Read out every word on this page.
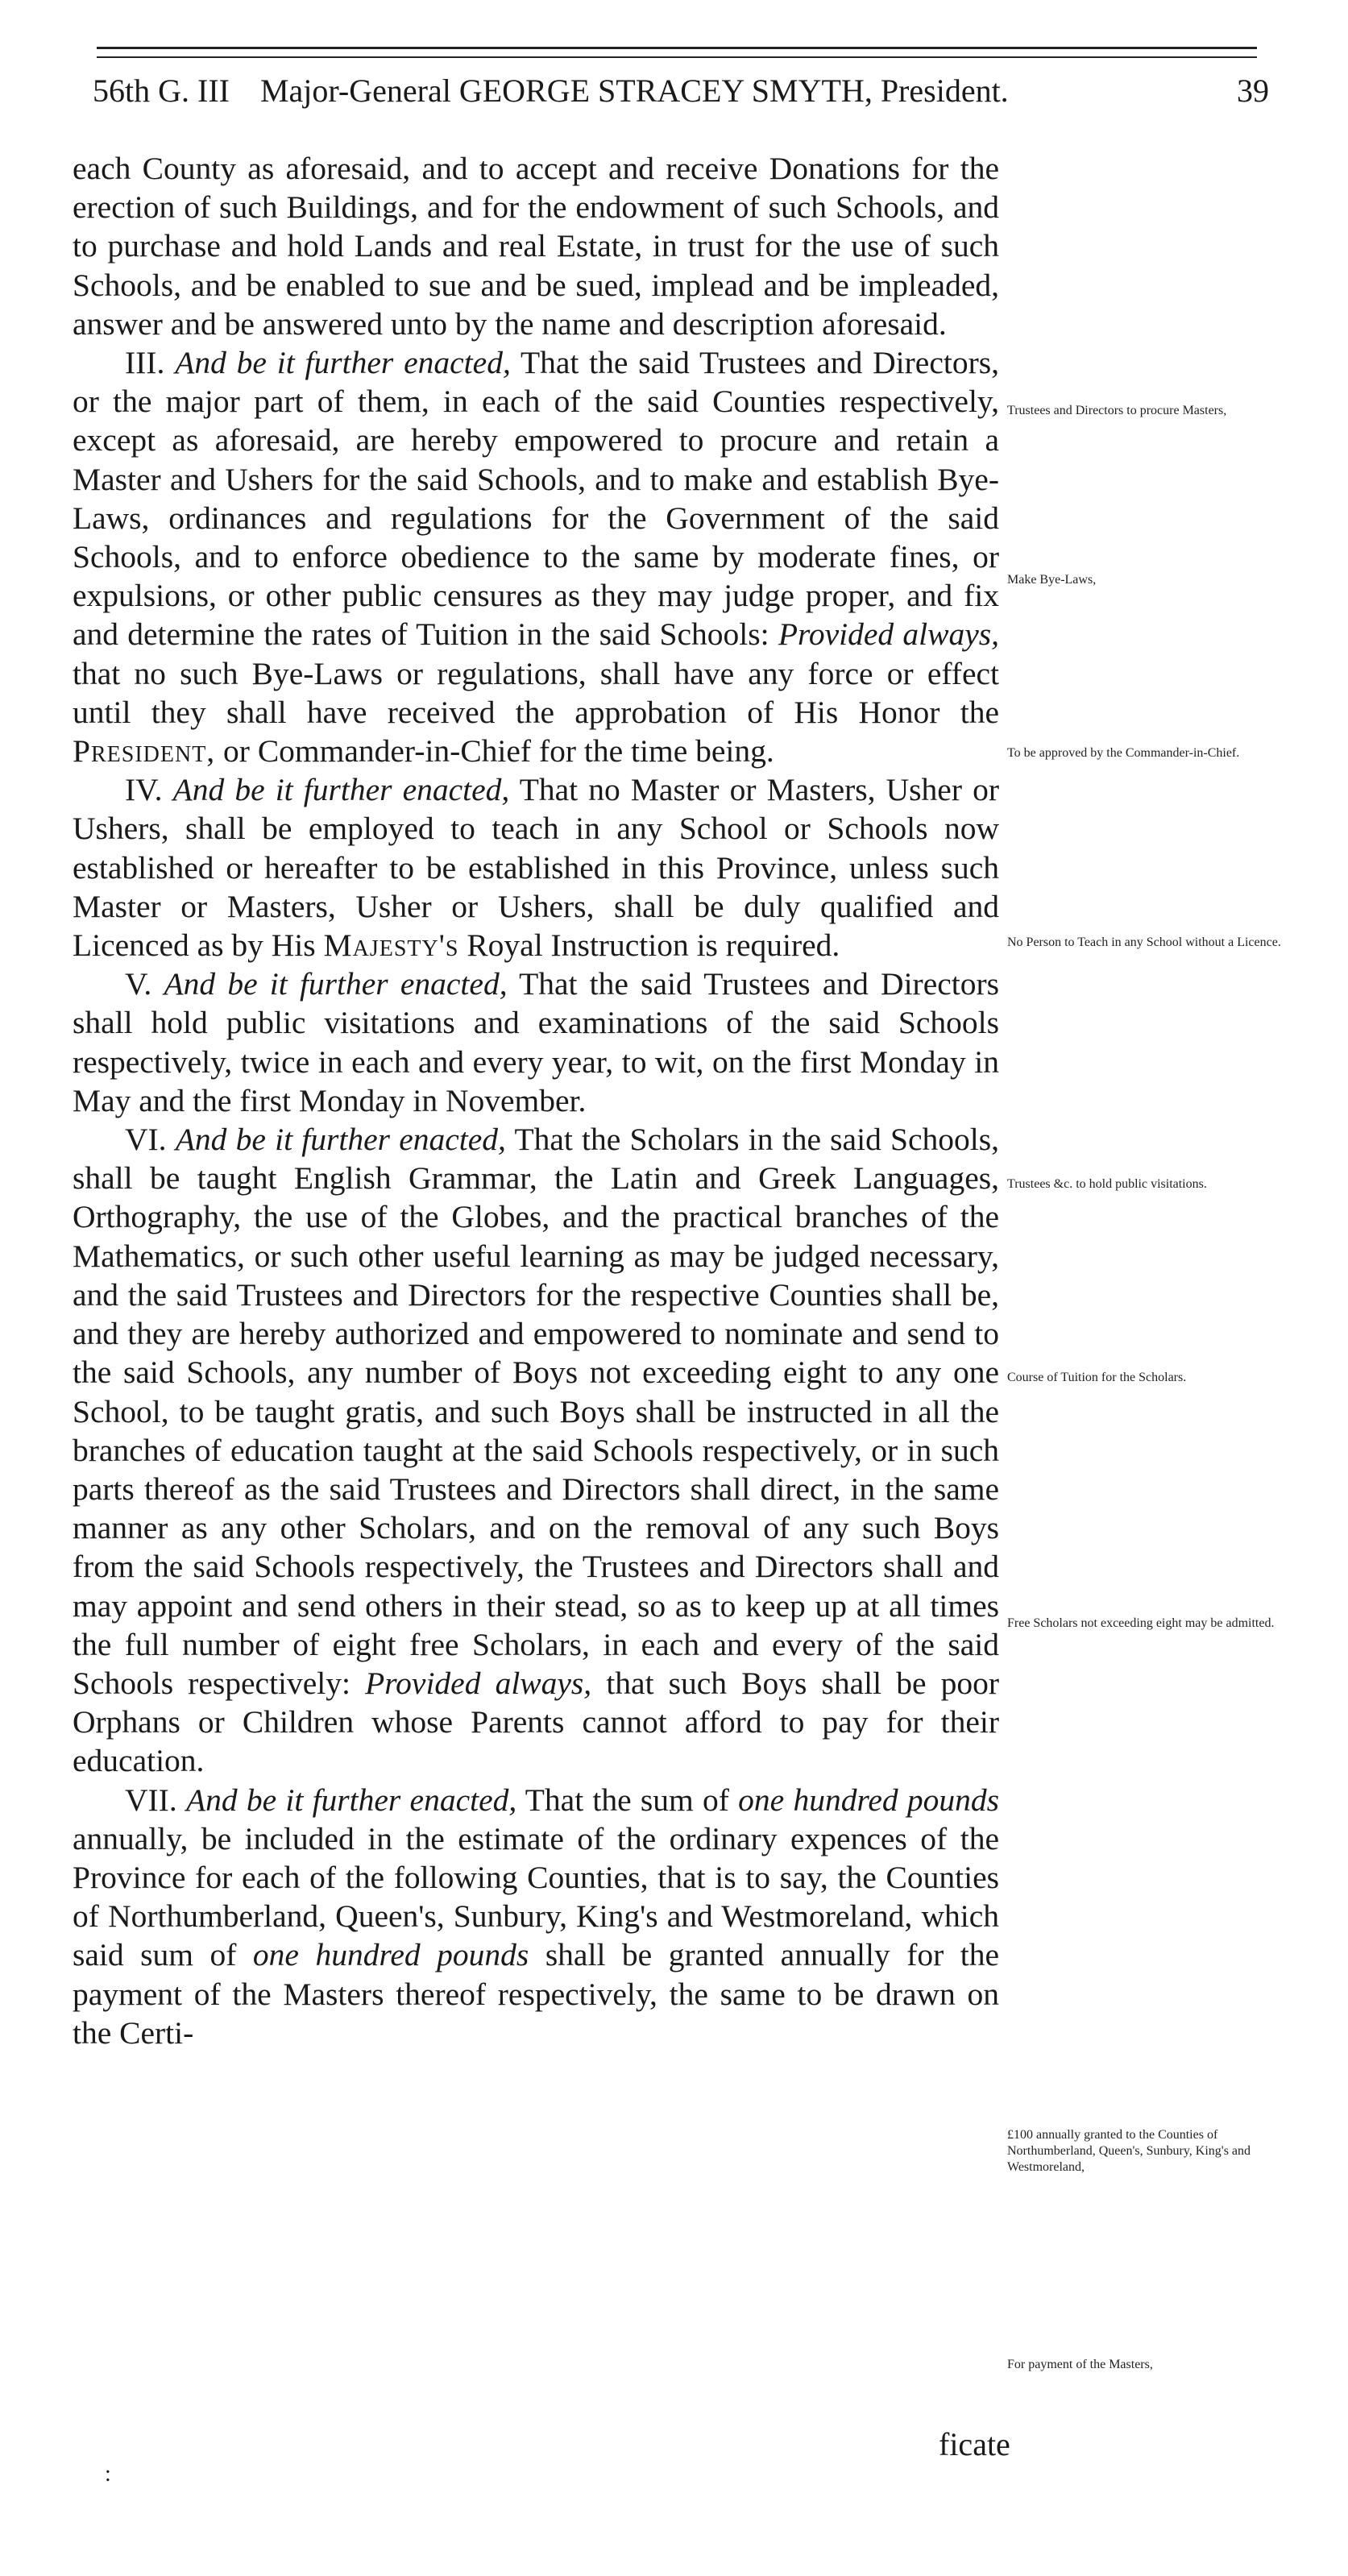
56th G. III Major-General GEORGE STRACEY SMYTH, President.	39

each County as aforesaid, and to accept and receive Donations for the erection of such Buildings, and for the endowment of such Schools, and to purchase and hold Lands and real Estate, in trust for the use of such Schools, and be enabled to sue and be sued, implead and be impleaded, answer and be answered unto by the name and description aforesaid.

III. And be it further enacted, That the said Trustees and Directors, or the major part of them, in each of the said Counties respectively, except as aforesaid, are hereby empowered to procure and retain a Master and Ushers for the said Schools, and to make and establish Bye-Laws, ordinances and regulations for the Government of the said Schools, and to enforce obedience to the same by moderate fines, or expulsions, or other public censures as they may judge proper, and fix and determine the rates of Tuition in the said Schools: Provided always, that no such Bye-Laws or regulations, shall have any force or effect until they shall have received the approbation of His Honor the President, or Commander-in-Chief for the time being.

IV. And be it further enacted, That no Master or Masters, Usher or Ushers, shall be employed to teach in any School or Schools now established or hereafter to be established in this Province, unless such Master or Masters, Usher or Ushers, shall be duly qualified and Licenced as by His Majesty's Royal Instruction is required.

V. And be it further enacted, That the said Trustees and Directors shall hold public visitations and examinations of the said Schools respectively, twice in each and every year, to wit, on the first Monday in May and the first Monday in November.

VI. And be it further enacted, That the Scholars in the said Schools, shall be taught English Grammar, the Latin and Greek Languages, Orthography, the use of the Globes, and the practical branches of the Mathematics, or such other useful learning as may be judged necessary, and the said Trustees and Directors for the respective Counties shall be, and they are hereby authorized and empowered to nominate and send to the said Schools, any number of Boys not exceeding eight to any one School, to be taught gratis, and such Boys shall be instructed in all the branches of education taught at the said Schools respectively, or in such parts thereof as the said Trustees and Directors shall direct, in the same manner as any other Scholars, and on the removal of any such Boys from the said Schools respectively, the Trustees and Directors shall and may appoint and send others in their stead, so as to keep up at all times the full number of eight free Scholars, in each and every of the said Schools respectively: Provided always, that such Boys shall be poor Orphans or Children whose Parents cannot afford to pay for their education.

VII. And be it further enacted, That the sum of one hundred pounds annually, be included in the estimate of the ordinary expences of the Province for each of the following Counties, that is to say, the Counties of Northumberland, Queen's, Sunbury, King's and Westmoreland, which said sum of one hundred pounds shall be granted annually for the payment of the Masters thereof respectively, the same to be drawn on the Certi-

Trustees and Directors to procure Masters,
Make Bye-Laws,
To be approved by the Commander-in-Chief.
No Person to Teach in any School without a Licence.
Trustees &c. to hold public visitations.
Course of Tuition for the Scholars.
Free Scholars not exceeding eight may be admitted.
£100 annually granted to the Counties of Northumberland, Queen's, Sunbury, King's and Westmoreland,
For payment of the Masters,
ficate
:
